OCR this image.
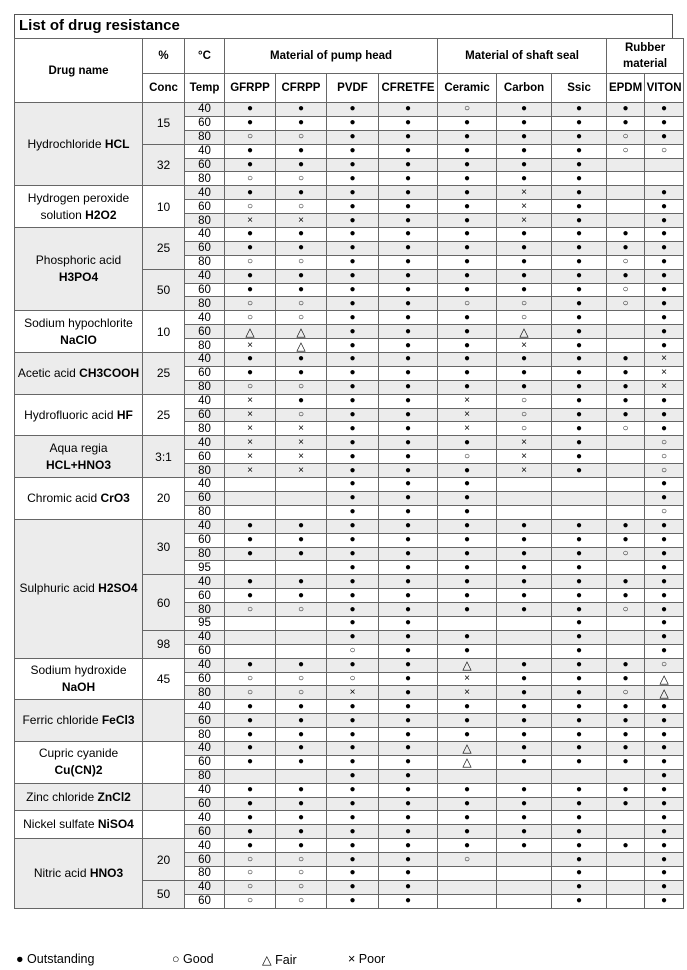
List of drug resistance
Drug name	%	°C	Material of pump head				Material of shaft seal			Rubber material	
	Conc	Temp	GFRPP	CFRPP	PVDF	CFRETFE	Ceramic	Carbon	Ssic	EPDM	VITON
Hydrochloride HCL	15	40	●	●	●	●	○	●	●	●	●
		60	●	●	●	●	●	●	●	●	●
		80	○	○	●	●	●	●	●	○	●
	32	40	●	●	●	●	●	●	●	○	○
		60	●	●	●	●	●	●	●		
		80	○	○	●	●	●	●	●		
Hydrogen peroxide solution H2O2	10	40	●	●	●	●	●	×	●		●
		60	○	○	●	●	●	×	●		●
		80	×	×	●	●	●	×	●		●
Phosphoric acid H3PO4	25	40	●	●	●	●	●	●	●	●	●
		60	●	●	●	●	●	●	●	●	●
		80	○	○	●	●	●	●	●	○	●
	50	40	●	●	●	●	●	●	●	●	●
		60	●	●	●	●	●	●	●	○	●
		80	○	○	●	●	○	○	●	○	●
Sodium hypochlorite NaClO	10	40	○	○	●	●	●	○	●		●
		60	△	△	●	●	●	△	●		●
		80	×	△	●	●	●	×	●		●
Acetic acid CH3COOH	25	40	●	●	●	●	●	●	●	●	×
		60	●	●	●	●	●	●	●	●	×
		80	○	○	●	●	●	●	●	●	×
Hydrofluoric acid HF	25	40	×	●	●	●	×	○	●	●	●
		60	×	○	●	●	×	○	●	●	●
		80	×	×	●	●	×	○	●	○	●
Aqua regia HCL+HNO3	3:1	40	×	×	●	●	●	×	●		○
		60	×	×	●	●	○	×	●		○
		80	×	×	●	●	●	×	●		○
Chromic acid CrO3	20	40			●	●	●				●
		60			●	●	●				●
		80			●	●	●				○
Sulphuric acid H2SO4	30	40	●	●	●	●	●	●	●	●	●
		60	●	●	●	●	●	●	●	●	●
		80	●	●	●	●	●	●	●	○	●
		95			●	●	●	●	●		●
	60	40	●	●	●	●	●	●	●	●	●
		60	●	●	●	●	●	●	●	●	●
		80	○	○	●	●	●	●	●	○	●
		95			●	●			●		●
	98	40			●	●	●		●		●
		60			○	●	●		●		●
Sodium hydroxide NaOH	45	40	●	●	●	●	△	●	●	●	○
		60	○	○	○	●	×	●	●	●	△
		80	○	○	×	●	×	●	●	○	△
Ferric chloride FeCl3		40	●	●	●	●	●	●	●	●	●
		60	●	●	●	●	●	●	●	●	●
		80	●	●	●	●	●	●	●	●	●
Cupric cyanide Cu(CN)2		40	●	●	●	●	△	●	●	●	●
		60	●	●	●	●	△	●	●	●	●
		80			●	●					●
Zinc chloride ZnCl2		40	●	●	●	●	●	●	●	●	●
		60	●	●	●	●	●	●	●	●	●
Nickel sulfate NiSO4		40	●	●	●	●	●	●	●		●
		60	●	●	●	●	●	●	●		●
Nitric acid HNO3	20	40	●	●	●	●	●	●	●	●	●
		60	○	○	●	●	○		●		●
		80	○	○	●	●			●		●
	50	40	○	○	●	●			●		●
		60	○	○	●	●			●		●
● Outstanding	○ Good	△ Fair	× Poor
